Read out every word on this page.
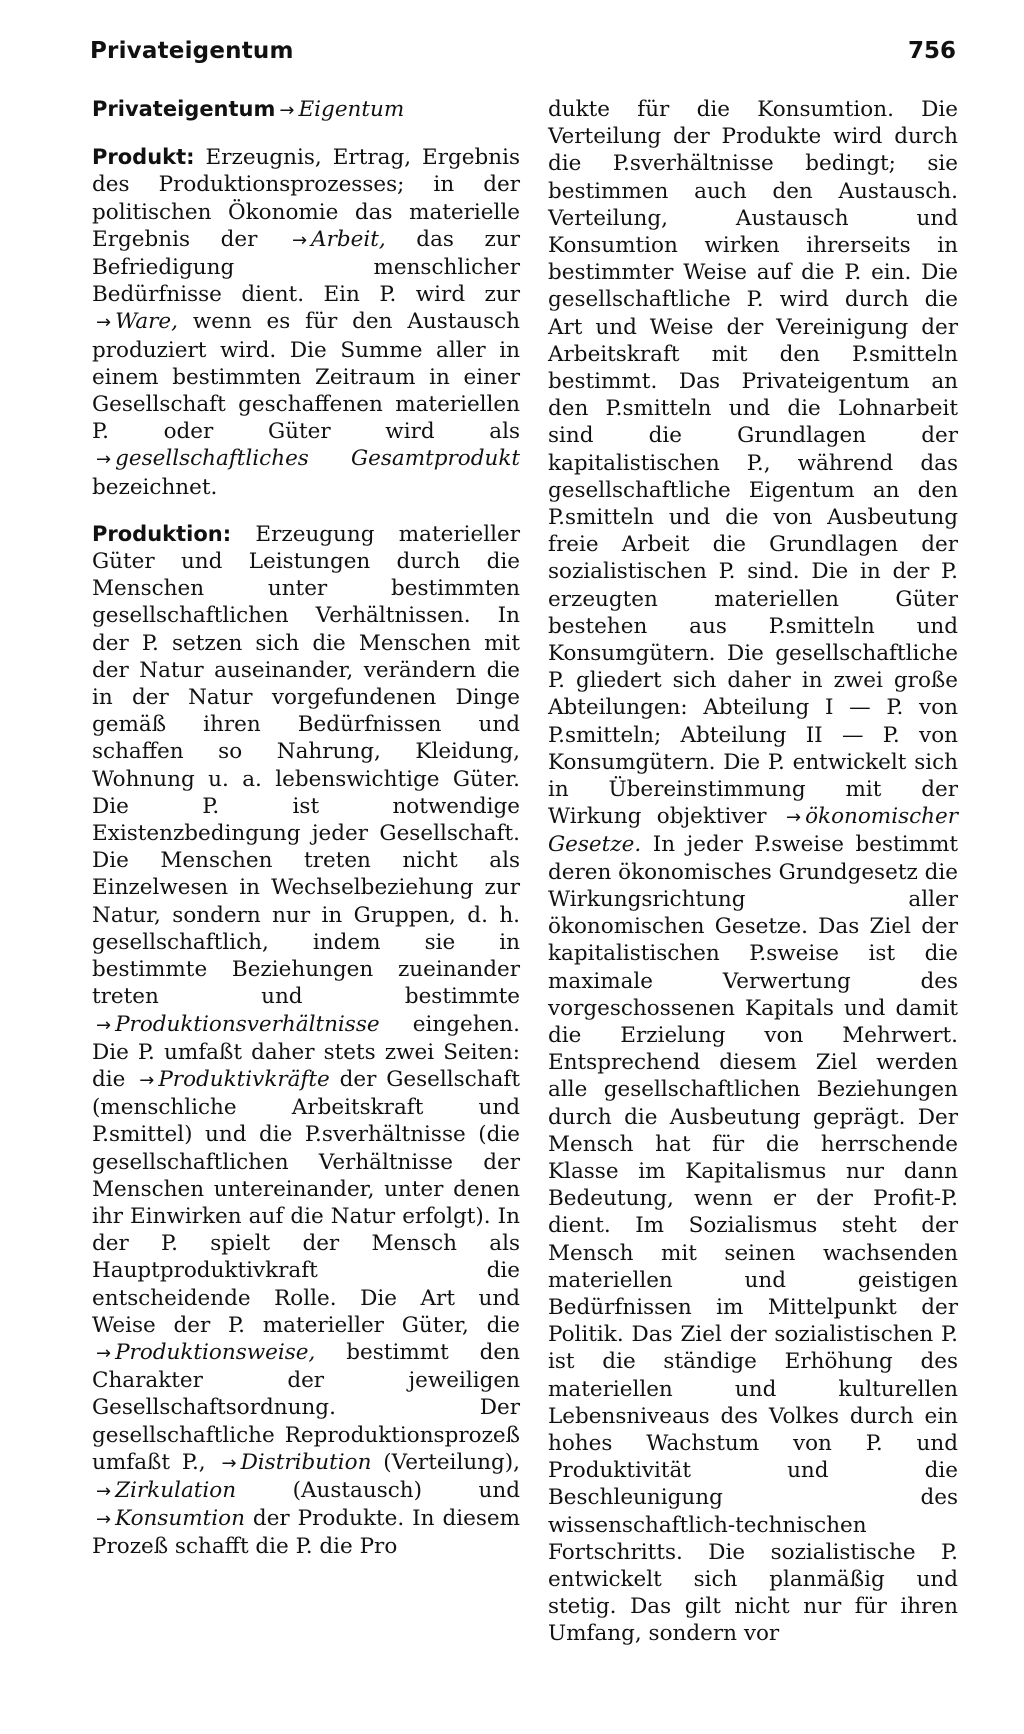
Privateigentum	756

Privateigentum → Eigentum

Produkt: Erzeugnis, Ertrag, Ergebnis des Produktionsprozesses; in der politischen Ökonomie das materielle Ergebnis der → Arbeit, das zur Befriedigung menschlicher Bedürfnisse dient. Ein P. wird zur → Ware, wenn es für den Austausch produziert wird. Die Summe aller in einem bestimmten Zeitraum in einer Gesellschaft geschaffenen materiellen P. oder Güter wird als → gesellschaftliches Gesamtprodukt bezeichnet.

Produktion: Erzeugung materieller Güter und Leistungen durch die Menschen unter bestimmten gesellschaftlichen Verhältnissen. In der P. setzen sich die Menschen mit der Natur auseinander, verändern die in der Natur vorgefundenen Dinge gemäß ihren Bedürfnissen und schaffen so Nahrung, Kleidung, Wohnung u. a. lebenswichtige Güter. Die P. ist notwendige Existenzbedingung jeder Gesellschaft. Die Menschen treten nicht als Einzelwesen in Wechselbeziehung zur Natur, sondern nur in Gruppen, d. h. gesellschaftlich, indem sie in bestimmte Beziehungen zueinander treten und bestimmte → Produktionsverhältnisse eingehen. Die P. umfaßt daher stets zwei Seiten: die → Produktivkräfte der Gesellschaft (menschliche Arbeitskraft und P.smittel) und die P.sverhältnisse (die gesellschaftlichen Verhältnisse der Menschen untereinander, unter denen ihr Einwirken auf die Natur erfolgt). In der P. spielt der Mensch als Hauptproduktivkraft die entscheidende Rolle. Die Art und Weise der P. materieller Güter, die → Produktionsweise, bestimmt den Charakter der jeweiligen Gesellschaftsordnung. Der gesellschaftliche Reproduktionsprozeß umfaßt P., → Distribution (Verteilung), → Zirkulation (Austausch) und → Konsumtion der Produkte. In diesem Prozeß schafft die P. die Pro

dukte für die Konsumtion. Die Verteilung der Produkte wird durch die P.sverhältnisse bedingt; sie bestimmen auch den Austausch. Verteilung, Austausch und Konsumtion wirken ihrerseits in bestimmter Weise auf die P. ein. Die gesellschaftliche P. wird durch die Art und Weise der Vereinigung der Arbeitskraft mit den P.smitteln bestimmt. Das Privateigentum an den P.smitteln und die Lohnarbeit sind die Grundlagen der kapitalistischen P., während das gesellschaftliche Eigentum an den P.smitteln und die von Ausbeutung freie Arbeit die Grundlagen der sozialistischen P. sind. Die in der P. erzeugten materiellen Güter bestehen aus P.smitteln und Konsumgütern. Die gesellschaftliche P. gliedert sich daher in zwei große Abteilungen: Abteilung I — P. von P.smitteln; Abteilung II — P. von Konsumgütern. Die P. entwickelt sich in Übereinstimmung mit der Wirkung objektiver → ökonomischer Gesetze. In jeder P.sweise bestimmt deren ökonomisches Grundgesetz die Wirkungsrichtung aller ökonomischen Gesetze. Das Ziel der kapitalistischen P.sweise ist die maximale Verwertung des vorgeschossenen Kapitals und damit die Erzielung von Mehrwert. Entsprechend diesem Ziel werden alle gesellschaftlichen Beziehungen durch die Ausbeutung geprägt. Der Mensch hat für die herrschende Klasse im Kapitalismus nur dann Bedeutung, wenn er der Profit-P. dient. Im Sozialismus steht der Mensch mit seinen wachsenden materiellen und geistigen Bedürfnissen im Mittelpunkt der Politik. Das Ziel der sozialistischen P. ist die ständige Erhöhung des materiellen und kulturellen Lebensniveaus des Volkes durch ein hohes Wachstum von P. und Produktivität und die Beschleunigung des wissenschaftlich-technischen Fortschritts. Die sozialistische P. entwickelt sich planmäßig und stetig. Das gilt nicht nur für ihren Umfang, sondern vor
